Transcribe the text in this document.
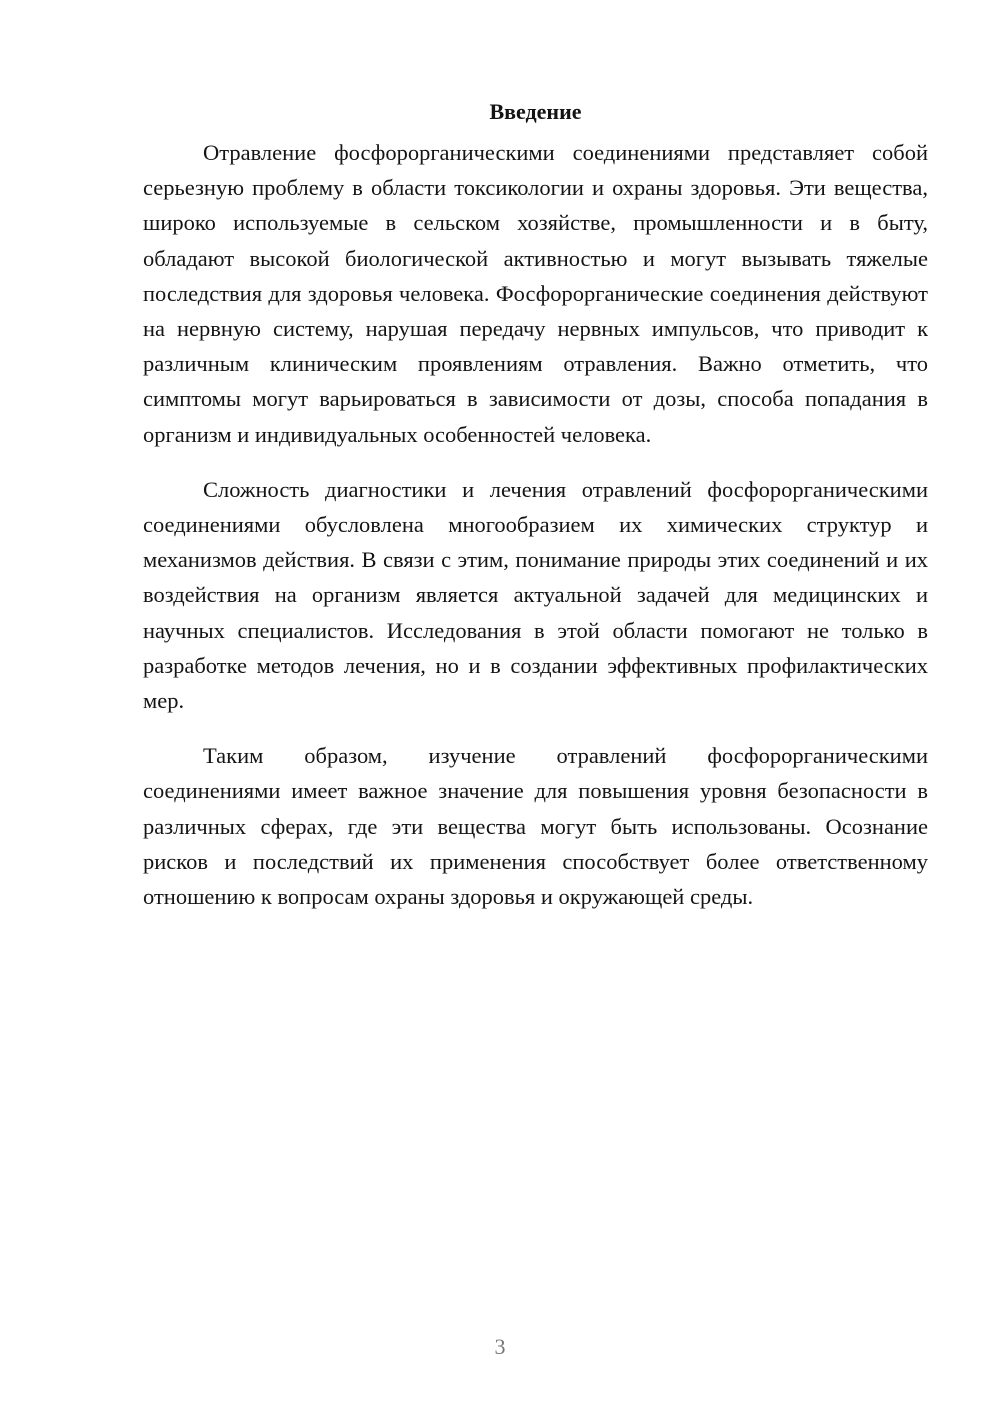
Введение

Отравление фосфорорганическими соединениями представляет собой серьезную проблему в области токсикологии и охраны здоровья. Эти вещества, широко используемые в сельском хозяйстве, промышленности и в быту, обладают высокой биологической активностью и могут вызывать тяжелые последствия для здоровья человека. Фосфорорганические соединения действуют на нервную систему, нарушая передачу нервных импульсов, что приводит к различным клиническим проявлениям отравления. Важно отметить, что симптомы могут варьироваться в зависимости от дозы, способа попадания в организм и индивидуальных особенностей человека.

Сложность диагностики и лечения отравлений фосфорорганическими соединениями обусловлена многообразием их химических структур и механизмов действия. В связи с этим, понимание природы этих соединений и их воздействия на организм является актуальной задачей для медицинских и научных специалистов. Исследования в этой области помогают не только в разработке методов лечения, но и в создании эффективных профилактических мер.

Таким образом, изучение отравлений фосфорорганическими соединениями имеет важное значение для повышения уровня безопасности в различных сферах, где эти вещества могут быть использованы. Осознание рисков и последствий их применения способствует более ответственному отношению к вопросам охраны здоровья и окружающей среды.

3
